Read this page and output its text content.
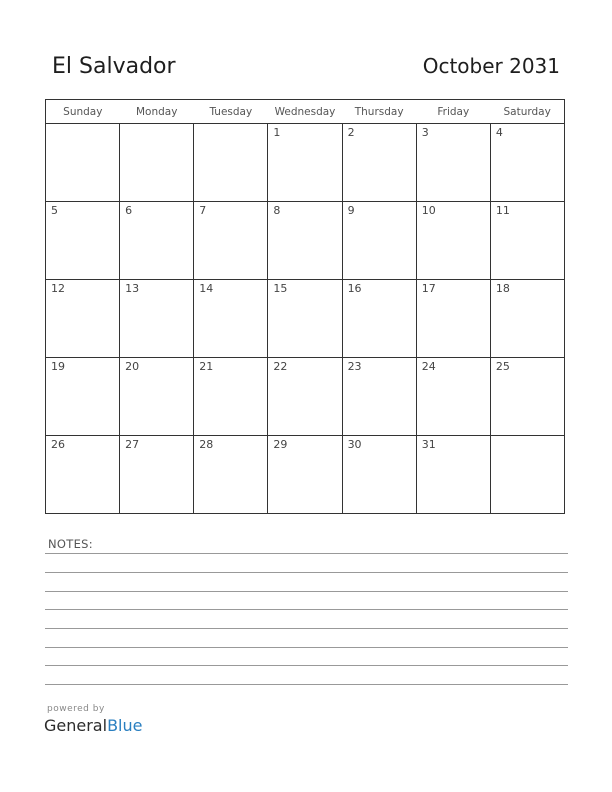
El Salvador	October 2031
Sunday	Monday	Tuesday	Wednesday	Thursday	Friday	Saturday

			1	2	3	4

5	6	7	8	9	10	11

12	13	14	15	16	17	18

19	20	21	22	23	24	25

26	27	28	29	30	31	

NOTES:
powered by
GeneralBlue
